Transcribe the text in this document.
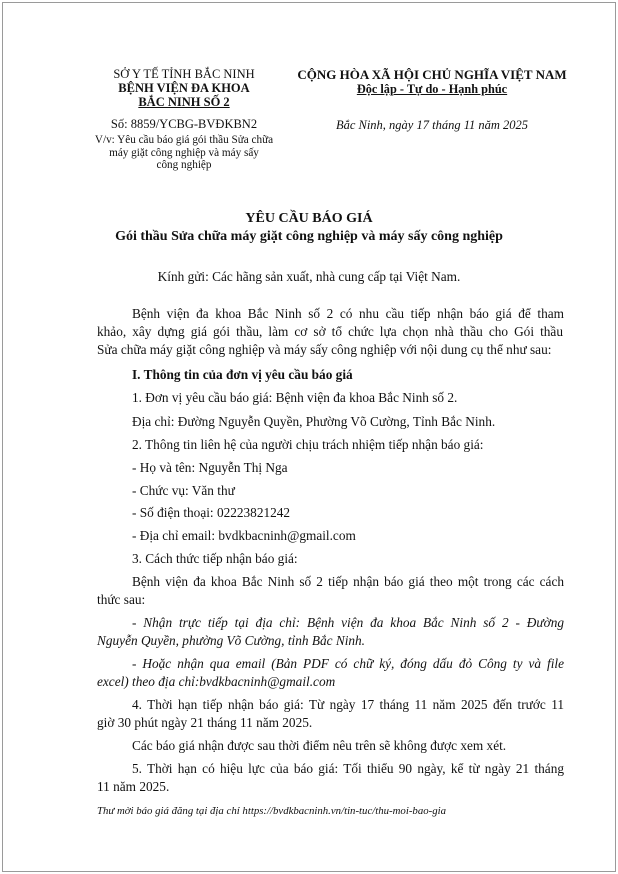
SỞ Y TẾ TỈNH BẮC NINH
BỆNH VIỆN ĐA KHOA
BẮC NINH SỐ 2
Số: 8859/YCBG-BVĐKBN2
V/v: Yêu cầu báo giá gói thầu Sửa chữa
máy giặt công nghiệp và máy sấy
công nghiệp
CỘNG HÒA XÃ HỘI CHỦ NGHĨA VIỆT NAM
Độc lập - Tự do - Hạnh phúc
Bắc Ninh, ngày 17 tháng 11 năm 2025
YÊU CẦU BÁO GIÁ
Gói thầu Sửa chữa máy giặt công nghiệp và máy sấy công nghiệp
Kính gửi: Các hãng sản xuất, nhà cung cấp tại Việt Nam.
Bệnh viện đa khoa Bắc Ninh số 2 có nhu cầu tiếp nhận báo giá để tham
khảo, xây dựng giá gói thầu, làm cơ sở tổ chức lựa chọn nhà thầu cho Gói thầu
Sửa chữa máy giặt công nghiệp và máy sấy công nghiệp với nội dung cụ thể như sau:
I. Thông tin của đơn vị yêu cầu báo giá
1. Đơn vị yêu cầu báo giá: Bệnh viện đa khoa Bắc Ninh số 2.
Địa chỉ: Đường Nguyễn Quyền, Phường Võ Cường, Tỉnh Bắc Ninh.
2. Thông tin liên hệ của người chịu trách nhiệm tiếp nhận báo giá:
- Họ và tên: Nguyễn Thị Nga
- Chức vụ: Văn thư
- Số điện thoại: 02223821242
- Địa chỉ email: bvdkbacninh@gmail.com
3. Cách thức tiếp nhận báo giá:
Bệnh viện đa khoa Bắc Ninh số 2 tiếp nhận báo giá theo một trong các cách
thức sau:
- Nhận trực tiếp tại địa chỉ: Bệnh viện đa khoa Bắc Ninh số 2 - Đường
Nguyễn Quyền, phường Võ Cường, tỉnh Bắc Ninh.
- Hoặc nhận qua email (Bản PDF có chữ ký, đóng dấu đỏ Công ty và file
excel) theo địa chỉ:bvdkbacninh@gmail.com
4. Thời hạn tiếp nhận báo giá: Từ ngày 17 tháng 11 năm 2025 đến trước 11
giờ 30 phút ngày 21 tháng 11 năm 2025.
Các báo giá nhận được sau thời điểm nêu trên sẽ không được xem xét.
5. Thời hạn có hiệu lực của báo giá: Tối thiểu 90 ngày, kể từ ngày 21 tháng
11 năm 2025.
Thư mời báo giá đăng tại địa chỉ https://bvdkbacninh.vn/tin-tuc/thu-moi-bao-gia
